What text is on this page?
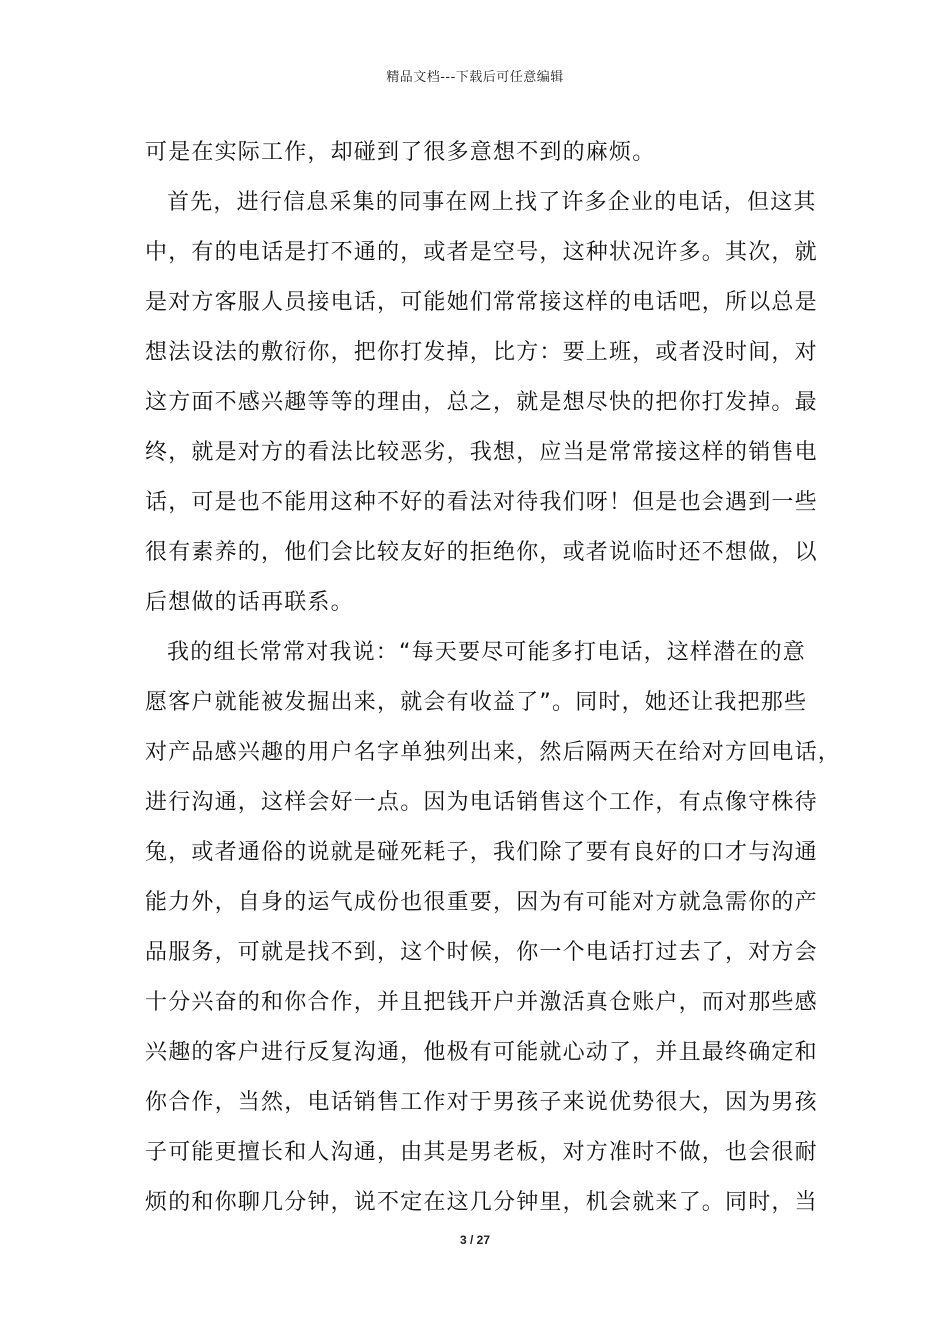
精品文档---下载后可任意编辑
可是在实际工作，却碰到了很多意想不到的麻烦。
首先，进行信息采集的同事在网上找了许多企业的电话，但这其
中，有的电话是打不通的，或者是空号，这种状况许多。其次，就
是对方客服人员接电话，可能她们常常接这样的电话吧，所以总是
想法设法的敷衍你，把你打发掉，比方：要上班，或者没时间，对
这方面不感兴趣等等的理由，总之，就是想尽快的把你打发掉。最
终，就是对方的看法比较恶劣，我想，应当是常常接这样的销售电
话，可是也不能用这种不好的看法对待我们呀！但是也会遇到一些
很有素养的，他们会比较友好的拒绝你，或者说临时还不想做，以
后想做的话再联系。
我的组长常常对我说：“每天要尽可能多打电话，这样潜在的意
愿客户就能被发掘出来，就会有收益了”。同时，她还让我把那些
对产品感兴趣的用户名字单独列出来，然后隔两天在给对方回电话，
进行沟通，这样会好一点。因为电话销售这个工作，有点像守株待
兔，或者通俗的说就是碰死耗子，我们除了要有良好的口才与沟通
能力外，自身的运气成份也很重要，因为有可能对方就急需你的产
品服务，可就是找不到，这个时候，你一个电话打过去了，对方会
十分兴奋的和你合作，并且把钱开户并激活真仓账户，而对那些感
兴趣的客户进行反复沟通，他极有可能就心动了，并且最终确定和
你合作，当然，电话销售工作对于男孩子来说优势很大，因为男孩
子可能更擅长和人沟通，由其是男老板，对方准时不做，也会很耐
烦的和你聊几分钟，说不定在这几分钟里，机会就来了。同时，当
3 / 27
